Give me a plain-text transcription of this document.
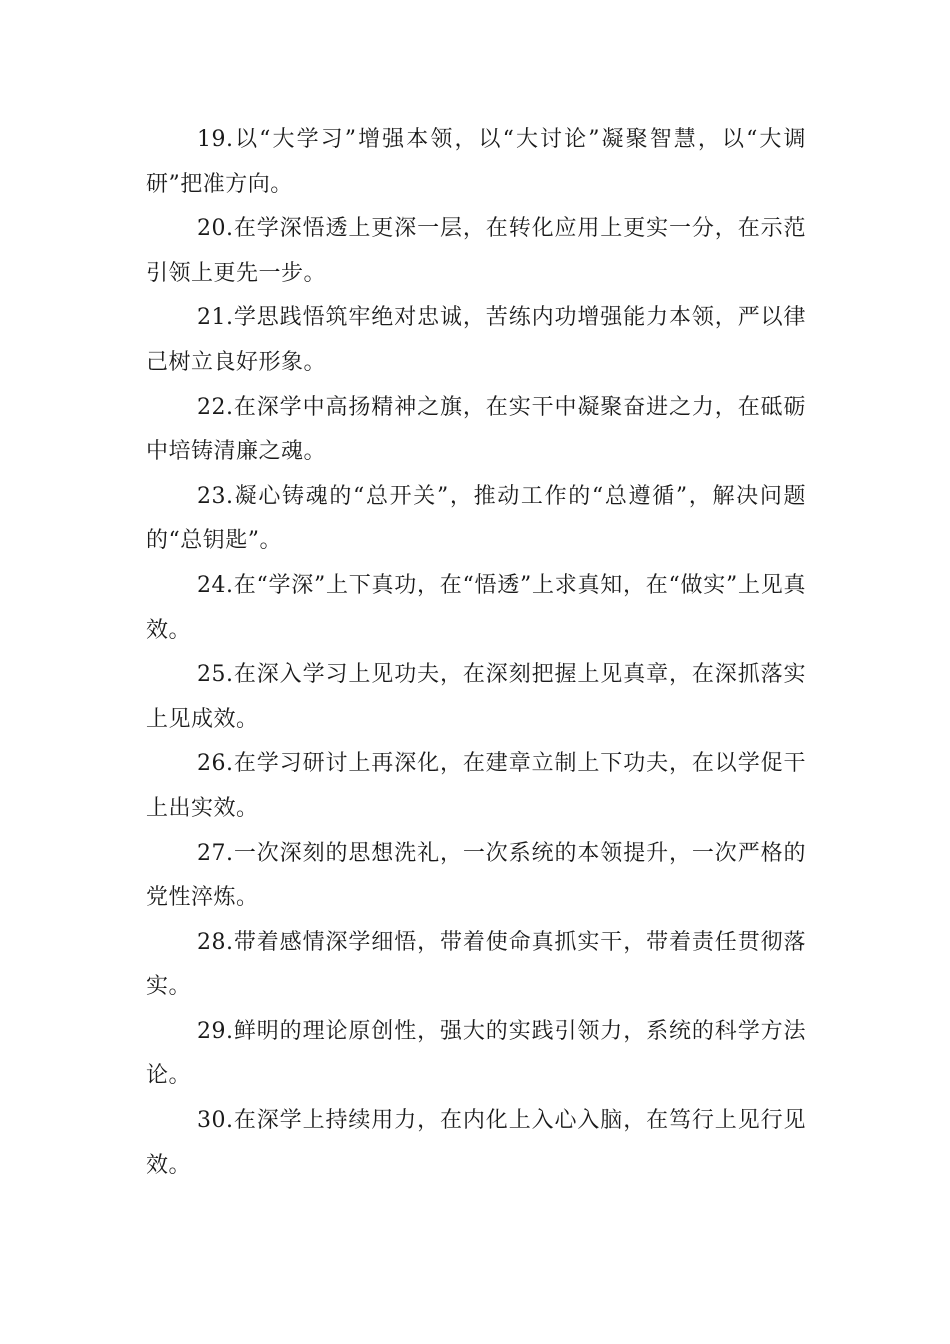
19.以“大学习”增强本领，以“大讨论”凝聚智慧，以“大调研”把准方向。

20.在学深悟透上更深一层，在转化应用上更实一分，在示范引领上更先一步。

21.学思践悟筑牢绝对忠诚，苦练内功增强能力本领，严以律己树立良好形象。

22.在深学中高扬精神之旗，在实干中凝聚奋进之力，在砥砺中培铸清廉之魂。

23.凝心铸魂的“总开关”，推动工作的“总遵循”，解决问题的“总钥匙”。

24.在“学深”上下真功，在“悟透”上求真知，在“做实”上见真效。

25.在深入学习上见功夫，在深刻把握上见真章，在深抓落实上见成效。

26.在学习研讨上再深化，在建章立制上下功夫，在以学促干上出实效。

27.一次深刻的思想洗礼，一次系统的本领提升，一次严格的党性淬炼。

28.带着感情深学细悟，带着使命真抓实干，带着责任贯彻落实。

29.鲜明的理论原创性，强大的实践引领力，系统的科学方法论。

30.在深学上持续用力，在内化上入心入脑，在笃行上见行见效。
